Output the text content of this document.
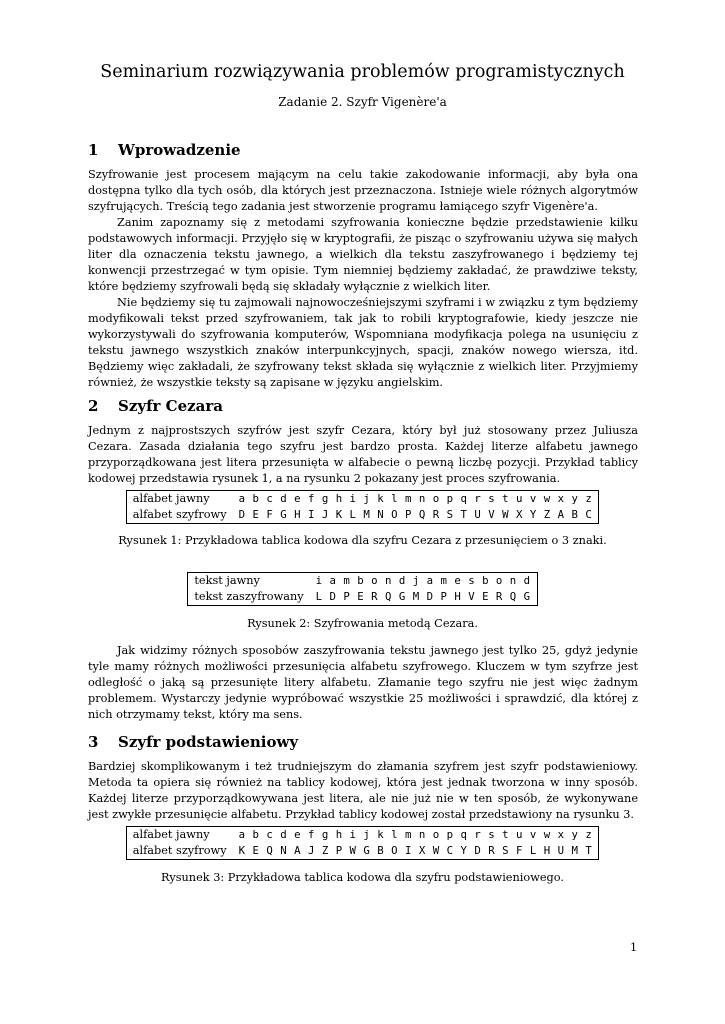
Seminarium rozwiązywania problemów programistycznych
Zadanie 2. Szyfr Vigenère'a
1 Wprowadzenie

Szyfrowanie jest procesem mającym na celu takie zakodowanie informacji, aby była ona dostępna tylko dla tych osób, dla których jest przeznaczona. Istnieje wiele różnych algorytmów szyfrujących. Treścią tego zadania jest stworzenie programu łamiącego szyfr Vigenère'a.

Zanim zapoznamy się z metodami szyfrowania konieczne będzie przedstawienie kilku podstawowych informacji. Przyjęło się w kryptografii, że pisząc o szyfrowaniu używa się małych liter dla oznaczenia tekstu jawnego, a wielkich dla tekstu zaszyfrowanego i będziemy tej konwencji przestrzegać w tym opisie. Tym niemniej będziemy zakładać, że prawdziwe teksty, które będziemy szyfrowali będą się składały wyłącznie z wielkich liter.

Nie będziemy się tu zajmowali najnowocześniejszymi szyframi i w związku z tym będziemy modyfikowali tekst przed szyfrowaniem, tak jak to robili kryptografowie, kiedy jeszcze nie wykorzystywali do szyfrowania komputerów, Wspomniana modyfikacja polega na usunięciu z tekstu jawnego wszystkich znaków interpunkcyjnych, spacji, znaków nowego wiersza, itd. Będziemy więc zakładali, że szyfrowany tekst składa się wyłącznie z wielkich liter. Przyjmiemy również, że wszystkie teksty są zapisane w języku angielskim.

2 Szyfr Cezara

Jednym z najprostszych szyfrów jest szyfr Cezara, który był już stosowany przez Juliusza Cezara. Zasada działania tego szyfru jest bardzo prosta. Każdej literze alfabetu jawnego przyporządkowana jest litera przesunięta w alfabecie o pewną liczbę pozycji. Przykład tablicy kodowej przedstawia rysunek 1, a na rysunku 2 pokazany jest proces szyfrowania.

alfabet jawny	a b c d e f g h i j k l m n o p q r s t u v w x y z
alfabet szyfrowy	D E F G H I J K L M N O P Q R S T U V W X Y Z A B C
Rysunek 1: Przykładowa tablica kodowa dla szyfru Cezara z przesunięciem o 3 znaki.
tekst jawny	i a m b o n d j a m e s b o n d
tekst zaszyfrowany	L D P E R Q G M D P H V E R Q G
Rysunek 2: Szyfrowania metodą Cezara.

Jak widzimy różnych sposobów zaszyfrowania tekstu jawnego jest tylko 25, gdyż jedynie tyle mamy różnych możliwości przesunięcia alfabetu szyfrowego. Kluczem w tym szyfrze jest odległość o jaką są przesunięte litery alfabetu. Złamanie tego szyfru nie jest więc żadnym problemem. Wystarczy jedynie wypróbować wszystkie 25 możliwości i sprawdzić, dla której z nich otrzymamy tekst, który ma sens.

3 Szyfr podstawieniowy

Bardziej skomplikowanym i też trudniejszym do złamania szyfrem jest szyfr podstawieniowy. Metoda ta opiera się również na tablicy kodowej, która jest jednak tworzona w inny sposób. Każdej literze przyporządkowywana jest litera, ale nie już nie w ten sposób, że wykonywane jest zwykłe przesunięcie alfabetu. Przykład tablicy kodowej został przedstawiony na rysunku 3.

alfabet jawny	a b c d e f g h i j k l m n o p q r s t u v w x y z
alfabet szyfrowy	K E Q N A J Z P W G B O I X W C Y D R S F L H U M T
Rysunek 3: Przykładowa tablica kodowa dla szyfru podstawieniowego.
1
